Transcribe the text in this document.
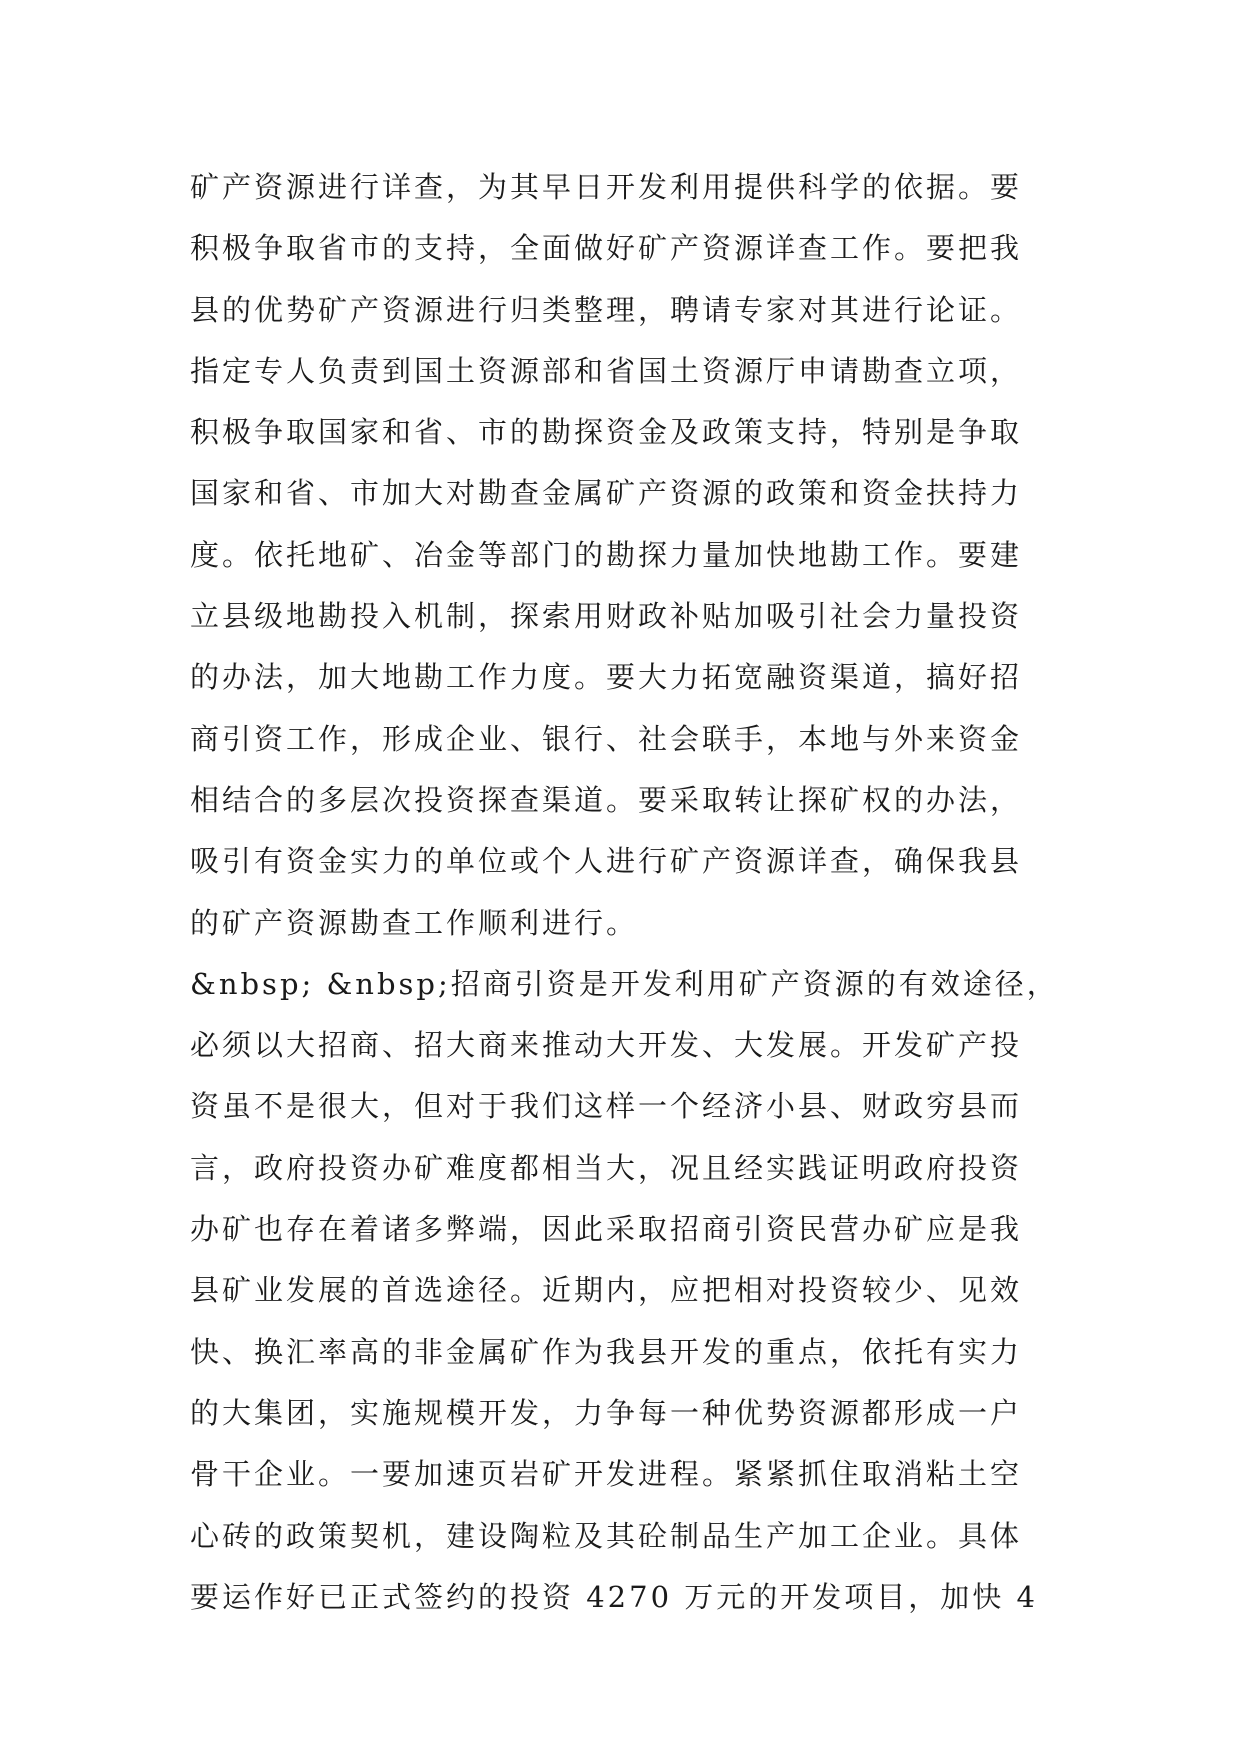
矿产资源进行详查，为其早日开发利用提供科学的依据。要
积极争取省市的支持，全面做好矿产资源详查工作。要把我
县的优势矿产资源进行归类整理，聘请专家对其进行论证。
指定专人负责到国土资源部和省国土资源厅申请勘查立项，
积极争取国家和省、市的勘探资金及政策支持，特别是争取
国家和省、市加大对勘查金属矿产资源的政策和资金扶持力
度。依托地矿、冶金等部门的勘探力量加快地勘工作。要建
立县级地勘投入机制，探索用财政补贴加吸引社会力量投资
的办法，加大地勘工作力度。要大力拓宽融资渠道，搞好招
商引资工作，形成企业、银行、社会联手，本地与外来资金
相结合的多层次投资探查渠道。要采取转让探矿权的办法，
吸引有资金实力的单位或个人进行矿产资源详查，确保我县
的矿产资源勘查工作顺利进行。
&nbsp; &nbsp;招商引资是开发利用矿产资源的有效途径，
必须以大招商、招大商来推动大开发、大发展。开发矿产投
资虽不是很大，但对于我们这样一个经济小县、财政穷县而
言，政府投资办矿难度都相当大，况且经实践证明政府投资
办矿也存在着诸多弊端，因此采取招商引资民营办矿应是我
县矿业发展的首选途径。近期内，应把相对投资较少、见效
快、换汇率高的非金属矿作为我县开发的重点，依托有实力
的大集团，实施规模开发，力争每一种优势资源都形成一户
骨干企业。一要加速页岩矿开发进程。紧紧抓住取消粘土空
心砖的政策契机，建设陶粒及其砼制品生产加工企业。具体
要运作好已正式签约的投资 4270 万元的开发项目，加快 4
